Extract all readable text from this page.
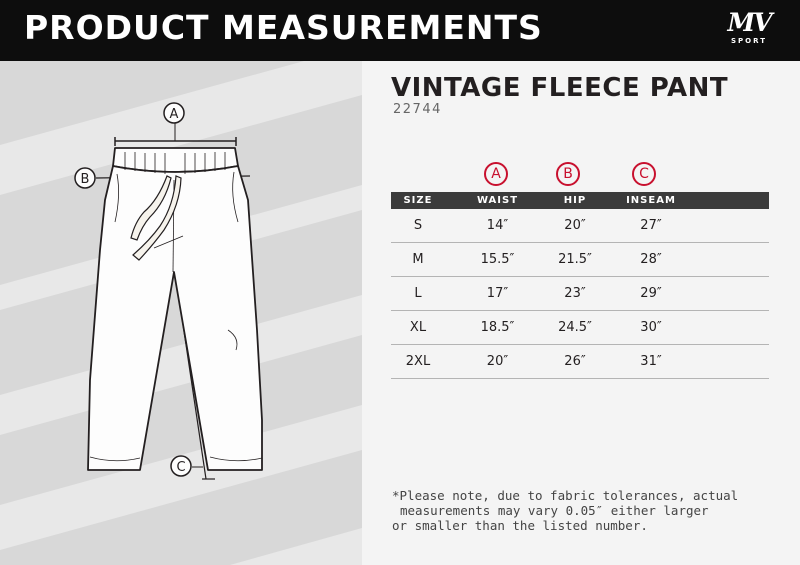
PRODUCT MEASUREMENTS	MV
SPORT
A
B
C
VINTAGE FLEECE PANT
22744
A	B	C
SIZE	WAIST	HIP	INSEAM
S	14″	20″	27″
M	15.5″	21.5″	28″
L	17″	23″	29″
XL	18.5″	24.5″	30″
2XL	20″	26″	31″
*Please note, due to fabric tolerances, actual
measurements may vary 0.05″ either larger
or smaller than the listed number.
